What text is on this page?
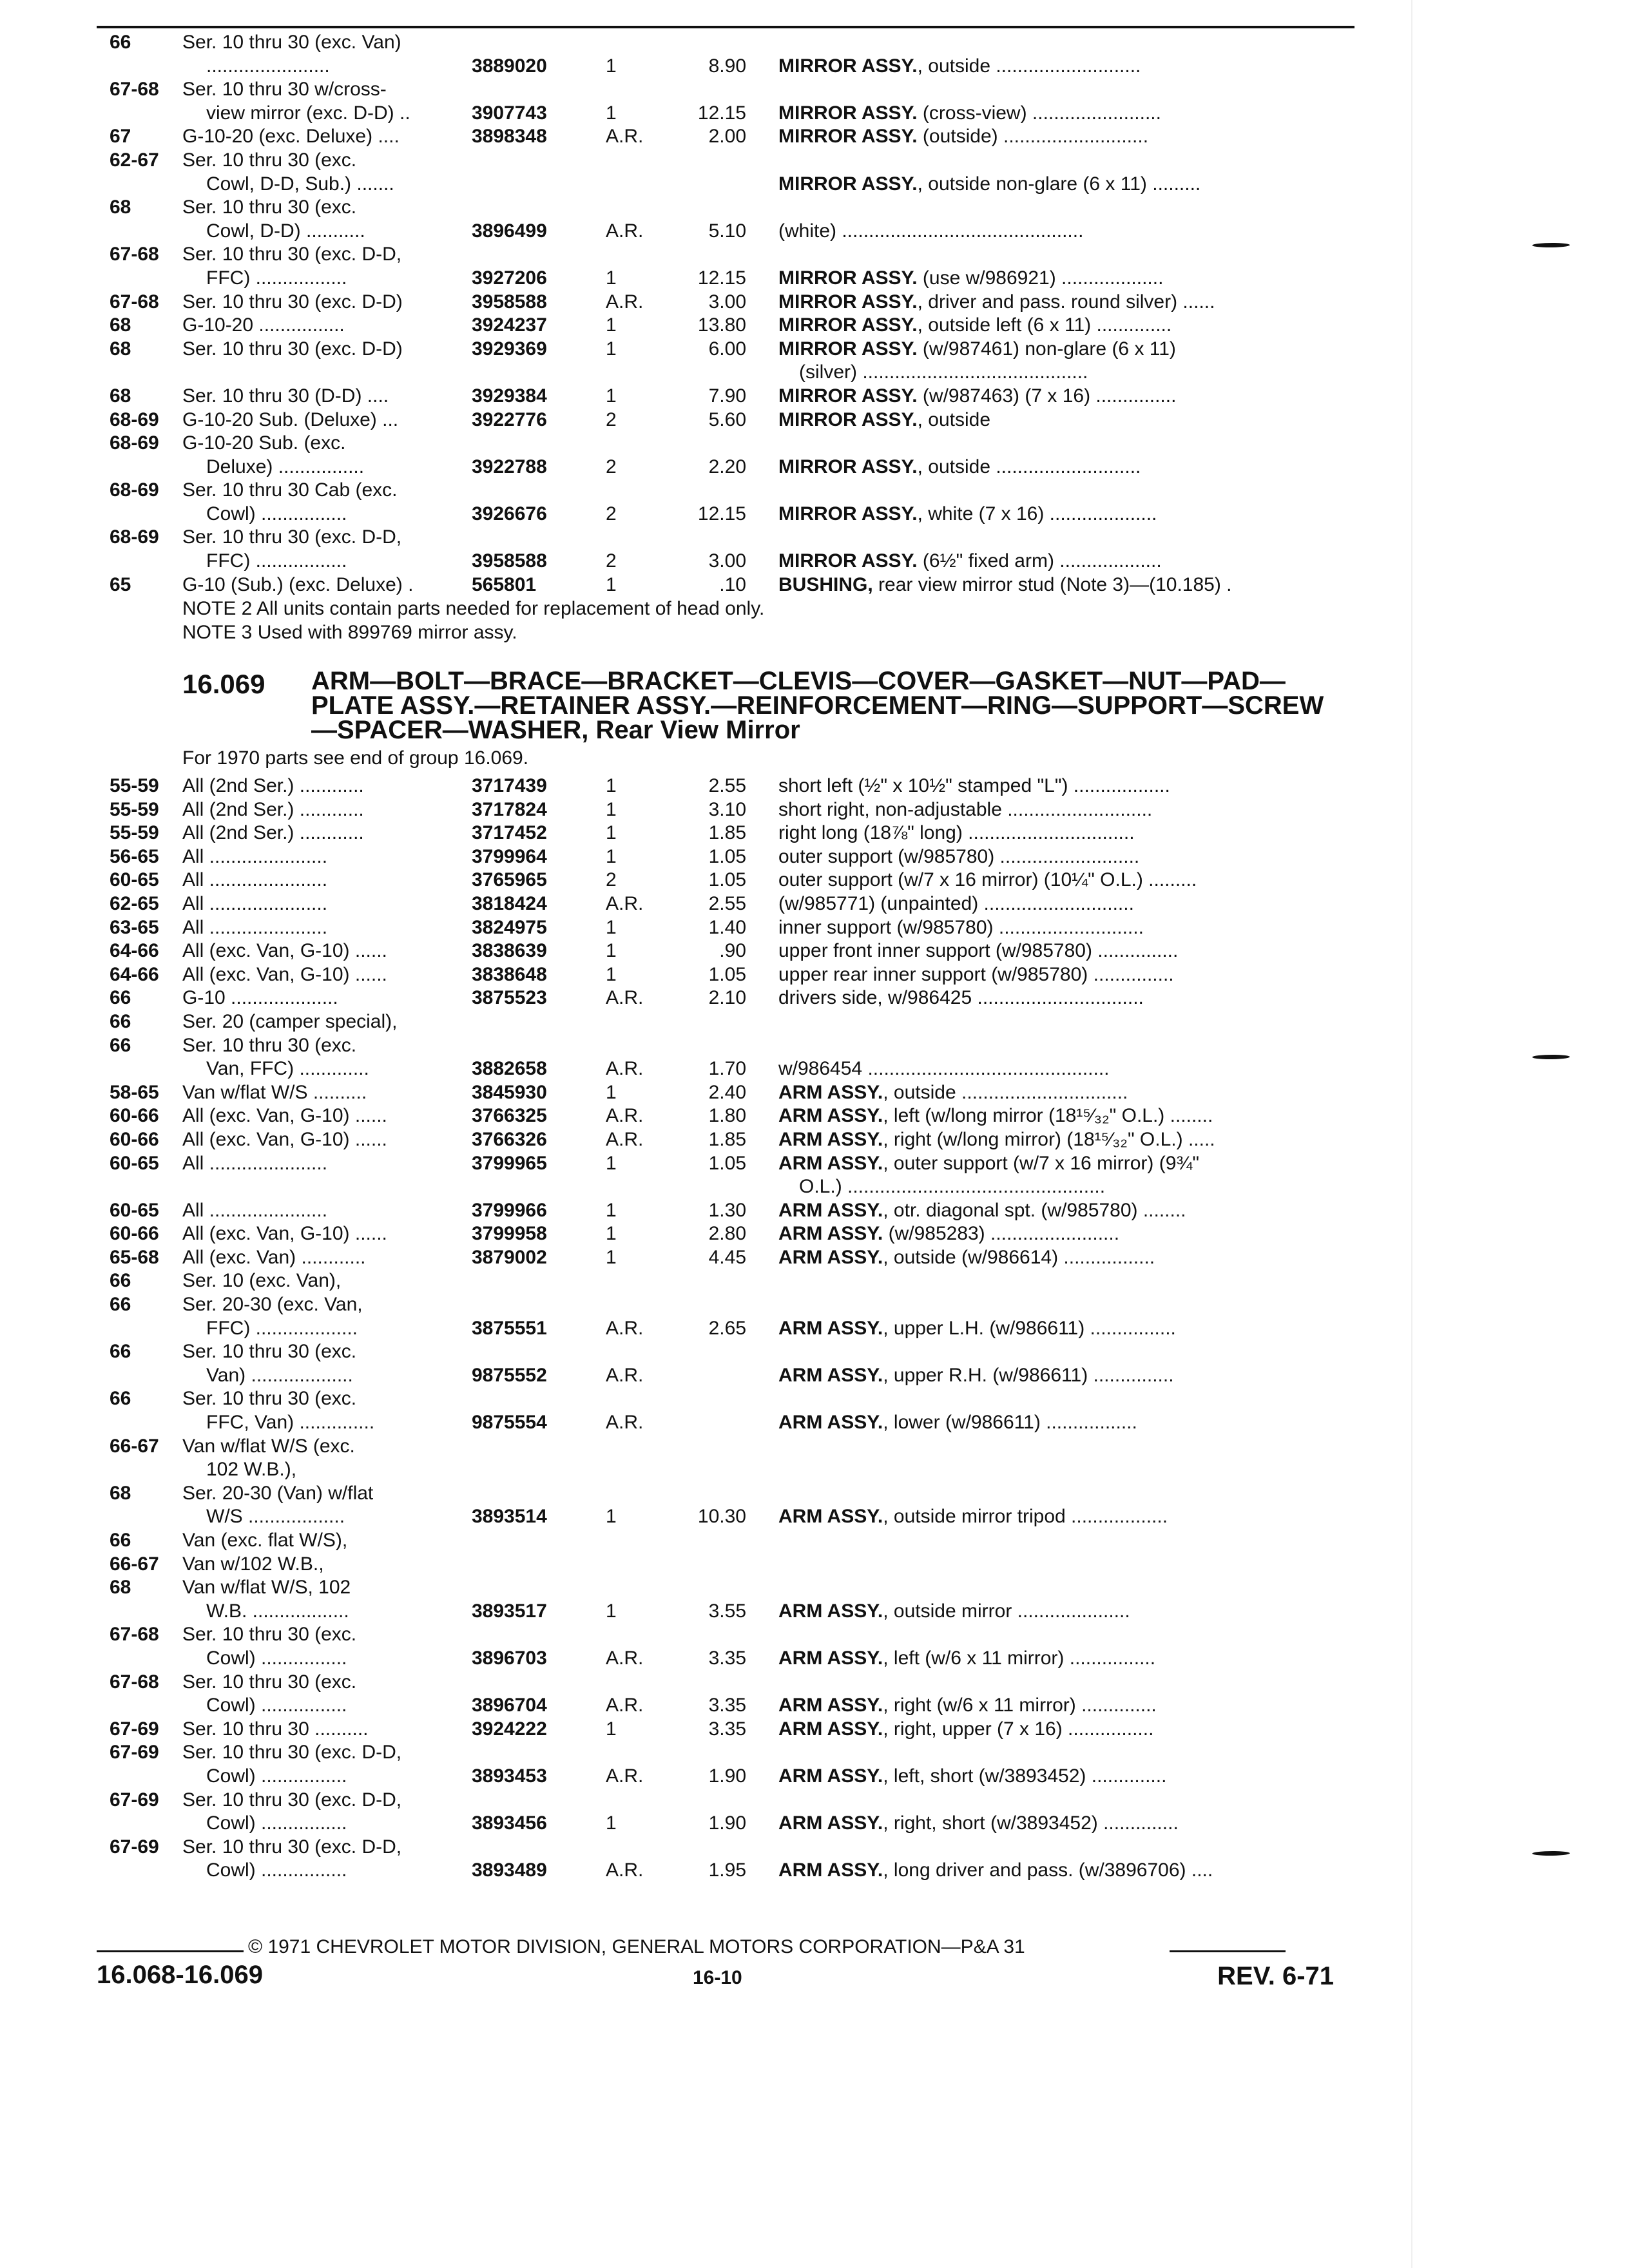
66	Ser. 10 thru 30 (exc. Van)
.......................	3889020	1	8.90 MIRROR ASSY., outside ...........................
67-68 Ser. 10 thru 30 w/cross-
view mirror (exc. D-D) ..	3907743	1	12.15 MIRROR ASSY. (cross-view) ........................
67	G-10-20 (exc. Deluxe) ....	3898348	A.R.	2.00 MIRROR ASSY. (outside) ...........................
62-67 Ser. 10 thru 30 (exc.
Cowl, D-D, Sub.) .......	MIRROR ASSY., outside non-glare (6 x 11) .........
68	Ser. 10 thru 30 (exc.
Cowl, D-D) ...........	3896499	A.R.	5.10 (white) .............................................
67-68 Ser. 10 thru 30 (exc. D-D,
FFC) .................	3927206	1	12.15 MIRROR ASSY. (use w/986921) ...................
67-68 Ser. 10 thru 30 (exc. D-D)	3958588	A.R.	3.00 MIRROR ASSY., driver and pass. round silver) ......
68	G-10-20 ................	3924237	1	13.80 MIRROR ASSY., outside left (6 x 11) ..............
68	Ser. 10 thru 30 (exc. D-D)	3929369	1	6.00 MIRROR ASSY. (w/987461) non-glare (6 x 11)
(silver) ..........................................
68	Ser. 10 thru 30 (D-D) ....	3929384	1	7.90 MIRROR ASSY. (w/987463) (7 x 16) ...............
68-69 G-10-20 Sub. (Deluxe) ...	3922776	2	5.60 MIRROR ASSY., outside
68-69 G-10-20 Sub. (exc.
Deluxe) ................	3922788	2	2.20 MIRROR ASSY., outside ...........................
68-69 Ser. 10 thru 30 Cab (exc.
Cowl) ................	3926676	2	12.15 MIRROR ASSY., white (7 x 16) ....................
68-69 Ser. 10 thru 30 (exc. D-D,
FFC) .................	3958588	2	3.00 MIRROR ASSY. (6½" fixed arm) ...................
65	G-10 (Sub.) (exc. Deluxe) .	565801	1	.10 BUSHING, rear view mirror stud (Note 3)—(10.185) .
NOTE 2 All units contain parts needed for replacement of head only.
NOTE 3 Used with 899769 mirror assy.
16.069 ARM—BOLT—BRACE—BRACKET—CLEVIS—COVER—GASKET—NUT—PAD—PLATE ASSY.—RETAINER ASSY.—REINFORCEMENT—RING—SUPPORT—SCREW—SPACER—WASHER, Rear View Mirror
For 1970 parts see end of group 16.069.
55-59 All (2nd Ser.) ............	3717439	1	2.55 short left (½" x 10½" stamped "L") ..................
55-59 All (2nd Ser.) ............	3717824	1	3.10 short right, non-adjustable ...........................
55-59 All (2nd Ser.) ............	3717452	1	1.85 right long (18⅞" long) ...............................
56-65 All ......................	3799964	1	1.05 outer support (w/985780) ..........................
60-65 All ......................	3765965	2	1.05 outer support (w/7 x 16 mirror) (10¼" O.L.) .........
62-65 All ......................	3818424	A.R.	2.55 (w/985771) (unpainted) ............................
63-65 All ......................	3824975	1	1.40 inner support (w/985780) ...........................
64-66 All (exc. Van, G-10) ......	3838639	1	.90 upper front inner support (w/985780) ...............
64-66 All (exc. Van, G-10) ......	3838648	1	1.05 upper rear inner support (w/985780) ...............
66	G-10 ....................	3875523	A.R.	2.10 drivers side, w/986425 ...............................
66	Ser. 20 (camper special),
66	Ser. 10 thru 30 (exc.
Van, FFC) .............	3882658	A.R.	1.70 w/986454 .............................................
58-65 Van w/flat W/S ..........	3845930	1	2.40 ARM ASSY., outside ...............................
60-66 All (exc. Van, G-10) ......	3766325	A.R.	1.80 ARM ASSY., left (w/long mirror (18¹⁵⁄₃₂" O.L.) ........
60-66 All (exc. Van, G-10) ......	3766326	A.R.	1.85 ARM ASSY., right (w/long mirror) (18¹⁵⁄₃₂" O.L.) .....
60-65 All ......................	3799965	1	1.05 ARM ASSY., outer support (w/7 x 16 mirror) (9¾"
O.L.) ................................................
60-65 All ......................	3799966	1	1.30 ARM ASSY., otr. diagonal spt. (w/985780) ........
60-66 All (exc. Van, G-10) ......	3799958	1	2.80 ARM ASSY. (w/985283) ........................
65-68 All (exc. Van) ............	3879002	1	4.45 ARM ASSY., outside (w/986614) .................
66	Ser. 10 (exc. Van),
66	Ser. 20-30 (exc. Van,
FFC) ...................	3875551	A.R.	2.65 ARM ASSY., upper L.H. (w/986611) ................
66	Ser. 10 thru 30 (exc.
Van) ...................	9875552	A.R.	ARM ASSY., upper R.H. (w/986611) ...............
66	Ser. 10 thru 30 (exc.
FFC, Van) ..............	9875554	A.R.	ARM ASSY., lower (w/986611) .................
66-67 Van w/flat W/S (exc.
102 W.B.),
68	Ser. 20-30 (Van) w/flat
W/S ..................	3893514	1	10.30 ARM ASSY., outside mirror tripod ..................
66	Van (exc. flat W/S),
66-67 Van w/102 W.B.,
68	Van w/flat W/S, 102
W.B. ..................	3893517	1	3.55 ARM ASSY., outside mirror .....................
67-68 Ser. 10 thru 30 (exc.
Cowl) ................	3896703	A.R.	3.35 ARM ASSY., left (w/6 x 11 mirror) ................
67-68 Ser. 10 thru 30 (exc.
Cowl) ................	3896704	A.R.	3.35 ARM ASSY., right (w/6 x 11 mirror) ..............
67-69 Ser. 10 thru 30 ..........	3924222	1	3.35 ARM ASSY., right, upper (7 x 16) ................
67-69 Ser. 10 thru 30 (exc. D-D,
Cowl) ................	3893453	A.R.	1.90 ARM ASSY., left, short (w/3893452) ..............
67-69 Ser. 10 thru 30 (exc. D-D,
Cowl) ................	3893456	1	1.90 ARM ASSY., right, short (w/3893452) ..............
67-69 Ser. 10 thru 30 (exc. D-D,
Cowl) ................	3893489	A.R.	1.95 ARM ASSY., long driver and pass. (w/3896706) ....
© 1971 CHEVROLET MOTOR DIVISION, GENERAL MOTORS CORPORATION—P&A 31
16.068-16.069	16-10	REV. 6-71
